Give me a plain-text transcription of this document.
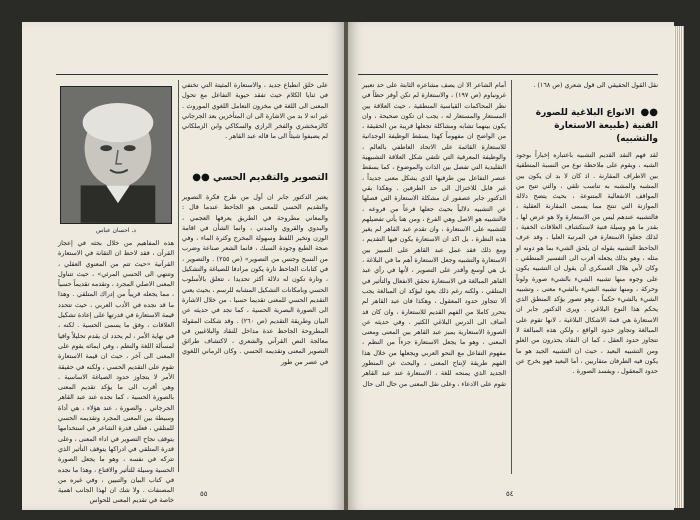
على خلق انطباع جديد ، والاستعارة المثيتة التي تختفي في ثنايا الكلام حيث تفقد حيوية التفاعل مع تحول المعنى الى اللغة في مخزون التعامل اللغوي الموروث . غير انه لا بد من الاشارة الى ان المتأخرين بعد الجرجاني كالزمخشري والفخر الرازي والسكاكي وابن الزملكاني لم يضيفوا شيئاً الى ما قاله عبد القاهر .

التصوير والتقديم الحسي ●●

يعتبر الدكتور جابر ان أول من طرح فكرة التصوير والتقديم الحسي للمعنى هو الجاحظ عندما قال : والمعاني مطروحة في الطريق يعرفها العجمي ، والبدوي والقروي والمدني ، وانما الشأن في اقامة الوزن وتخير اللفظ وسهولة المخرج وكثرة الماء ، وفي صحة الطبع وجودة السبك ، فانما الشعر صناعة وضرب من النسج وجنس من التصوير» (ص ٢٥٥) . والتصوير ، في كتابات الجاحظ تارة يكون مرادفا للصياغة والتشكيل ، وتارة تكون له دلالة أكثر تحديدا ، تتعلق بالأسلوب الحسي وبامكانات التشكيل المشابه للرسم ، بحيث يعني التقديم الحسي للمعنى تقديما حسيا ، من خلال الاشارة الى الصورة البصرية الحسية ، كما نجد في حديثه عن البيان وطريقة التقديم (ص ٢٦٠) . وقد شكلت المقولة المطروحة الجاحظ عدة مداخل للنقاد والبلاغيين في معالجة النص القرآني والشعري ، لاكتشاف طرائق التصوير المعنى وتقديمه الحسي . وكان الرماني اللغوي في عصر من طور

د. احسان عباس

هذه المفاهيم من خلال بحثه في إعجاز القرآن ، فقد لاحظ ان التقانة في الاستعارة القرآنية «حيث تتم من المعنوي العقلي ، وتنتهي الى الحسي المرئي» ، حيث تتناول المعنى الاصلي المجرد ، وتقدمه تقديماً حسياً ، مما يجعله قريباً من إدراك المتلقي . وهذا ما قد نجده في الأدب العربي ، حيث تتحدد قيمة الاستعارة في قدرتها على إعادة تشكيل العلاقات ، وفق ما يسمى الحسية . لكنه ، في نهاية الأمر ، لم يحدد ان يقدم تحليلاً وافيا لمسألة اللغة والنظم ، وفي ايمائه يقوم على المعنى الى آخر ، حيث ان قيمة الاستعارة تقوم على التقديم الحسي ، ولكنه في حقيقة الأمر لا يتجاوز حدود الصياغة الاساسية . وهي أقرب الى ما يؤكد تقديم المعنى بالصورة الحسية ، كما نجده عند عبد القاهر الجرجاني . والصورة ، عند هؤلاء ، هي أداة وسيطة بين المعنى المجرد وتقديمه الحسي للمتلقي ، فعلى قدرة الشاعر في استخدامها يتوقف نجاح التصوير في اداء المعنى ، وعلى قدرة المتلقي في ادراكها يتوقف التأثير الذي تتركه في نفسه ، وهو ما يجعل الصورة الحسية وسيلة للتأثير والاقناع ، وهذا ما نجده في كتاب البيان والتبيين ، وفي غيره من المصنفات . ولا شك ان لهذا الجانب اهمية خاصة في تقديم المعنى للحواس

٥٥

نقل القول الحقيقي الى قول شعري (ص ١٦٨) .

●● الانواع البلاغية للصورة الفنية (طبيعة الاستعارة والتشبيه)

لقد فهم النقد القديم التشبيه باعتباره إخباراً بوجود الشبه ، ويقوم على ملاحظة نوع من النسبة المنطقية بين الاطراف المقارنة . اذ كان لا بد ان يكون بين المشبه والمشبه به تناسب تلقي ، والتي تتيح من المواقف الانفعالية المتنوعة ، بحيث يتضح دلالة الموازنة التي تنتج مما يسمى المقارنة العقلية ، فالتشبيه عندهم ليس من الاستعارة ولا هو عرض لها ، بقدر ما هو وسيلة فنية لاستكشاف العلاقات الخفية ، لذلك جعلوا الاستعارة في المرتبة العليا ، وقد عرف الجاحظ التشبيه بقوله ان يلحق الشيء بما هو دونه او مثله ، وهو بذلك يجعله أقرب الى التفسير المنطقي . وكان لأبي هلال العسكري أن يقول ان التشبيه يكون على وجوه منها تشبيه الشيء بالشيء صورة ولوناً وحركة ، ومنها تشبيه الشيء بالشيء معنى ، وتشبيه الشيء بالشيء حكماً ، وهو تصور يؤكد المنطق الذي يحكم هذا النوع البلاغي . ويرى الدكتور جابر ان الاستعارة هي قمة الاشكال البلاغية ، لانها تقوم على المبالغة وتجاوز حدود الواقع ، ولكن هذه المبالغة لا تتجاوز حدود العقل ، كما ان النقاد يحذرون من الغلو ومن التشبيه البعيد ، حيث ان التشبيه الجيد هو ما يكون فيه الطرفان متقاربين ، أما البعيد فهو يخرج عن حدود المعقول ، ويفسد الصورة .

أمام الشاعر الا ان يصف مشاعره الثابتة على حد تعبير غرونباوم (ص ١٩٧) ، والاستعارة لم تكن أوفر حظاً في نظر المحاكمات القياسية المنطقية ، حيث العلاقة بين المستعار والمستعار له ، يجب ان تكون صحيحة ، وان يكون بينهما تشابه ومشاكلة تجعلها قريبة من الحقيقة ، من الواضح ان مفهوماً كهذا يسقط الوظيفة الوجدانية للاستعارة القائمة على الاتحاد العاطفي بالعالم ، والوظيفة المعرفية التي تلتقي شكل العلاقة التشبيهية التقليدية التي تفصل بين الذات والموضوع ، كما يسقط عنصر التفاعل بين طرفيها الذي يشكل معنى جديداً ، غير قابل للاختزال الى حد الطرفين . وهكذا بقي الدكتور جابر عصفور ان مشكلة الاستعارة التي فصلها عن التشبيه دلالياً بحيث جعلها فرعاً من فروعه ، فالتشبيه هو الاصل وهي الفرع ، ومن هنا يأتي تفضيلهم للتشبيه على الاستعارة ، وان تقدم عبد القاهر لم يغير هذه النظرة ، بل اكد ان الاستعارة يكون فيها التقديم ، ومع ذلك فقد عمل عبد القاهر على التمييز بين الاستعارة والتشبيه وجعل الاستعارة أهم ما في البلاغة ، بل هي أوسع وأقدر على التصوير ، لأنها في رأي عبد القاهر المبالغة في الاستعارة تحقق الانفعال والتأثير في المتلقي ، ولكنه رغم ذلك يعود ليؤكد ان المبالغة يجب ألا تتجاوز حدود المعقول ، وهكذا فان عبد القاهر لم يتحرر كاملا من الفهم القديم للاستعارة ، وان كان قد أضاف الى الدرس البلاغي الكثير . وفي حديثه عن الصورة الاستعارية يميز عبد القاهر بين المعنى ومعنى المعنى ، وهو ما يجعل الاستعارة جزءاً من النظم ، مفهوم التفاعل مع النحو العربي ويجعلها من خلال هذا الفهم طريقة لإنتاج المعنى ، والبحث عن المنظور الجديد الذي يمنحه للغة ، الاستعارة عند عبد القاهر تقوم على الادعاء ، وعلى نقل المعنى من حال الى حال

٥٤
